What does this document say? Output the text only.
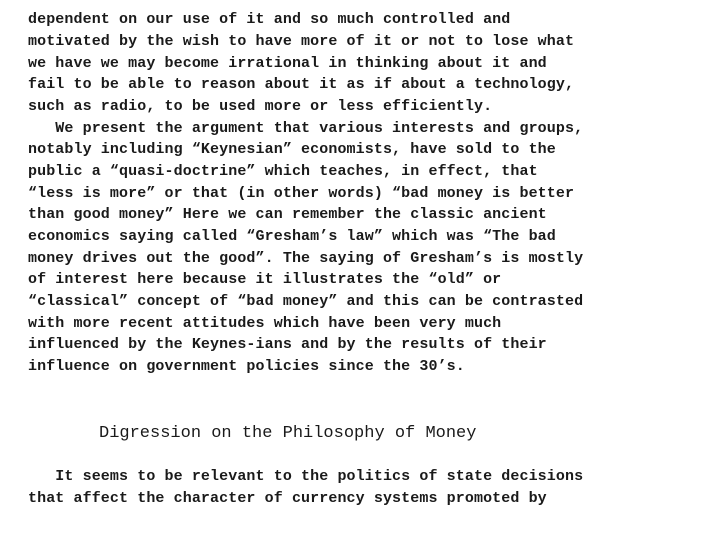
dependent on our use of it and so much controlled and
motivated by the wish to have more of it or not to lose what
we have we may become irrational in thinking about it and
fail to be able to reason about it as if about a technology,
such as radio, to be used more or less efficiently.
We present the argument that various interests and groups,
notably including “Keynesian” economists, have sold to the
public a “quasi-doctrine” which teaches, in effect, that
“less is more” or that (in other words) “bad money is better
than good money” Here we can remember the classic ancient
economics saying called “Gresham’s law” which was “The bad
money drives out the good”. The saying of Gresham’s is mostly
of interest here because it illustrates the “old” or
“classical” concept of “bad money” and this can be contrasted
with more recent attitudes which have been very much
influenced by the Keynes-ians and by the results of their
influence on government policies since the 30’s.
Digression on the Philosophy of Money
It seems to be relevant to the politics of state decisions
that affect the character of currency systems promoted by
